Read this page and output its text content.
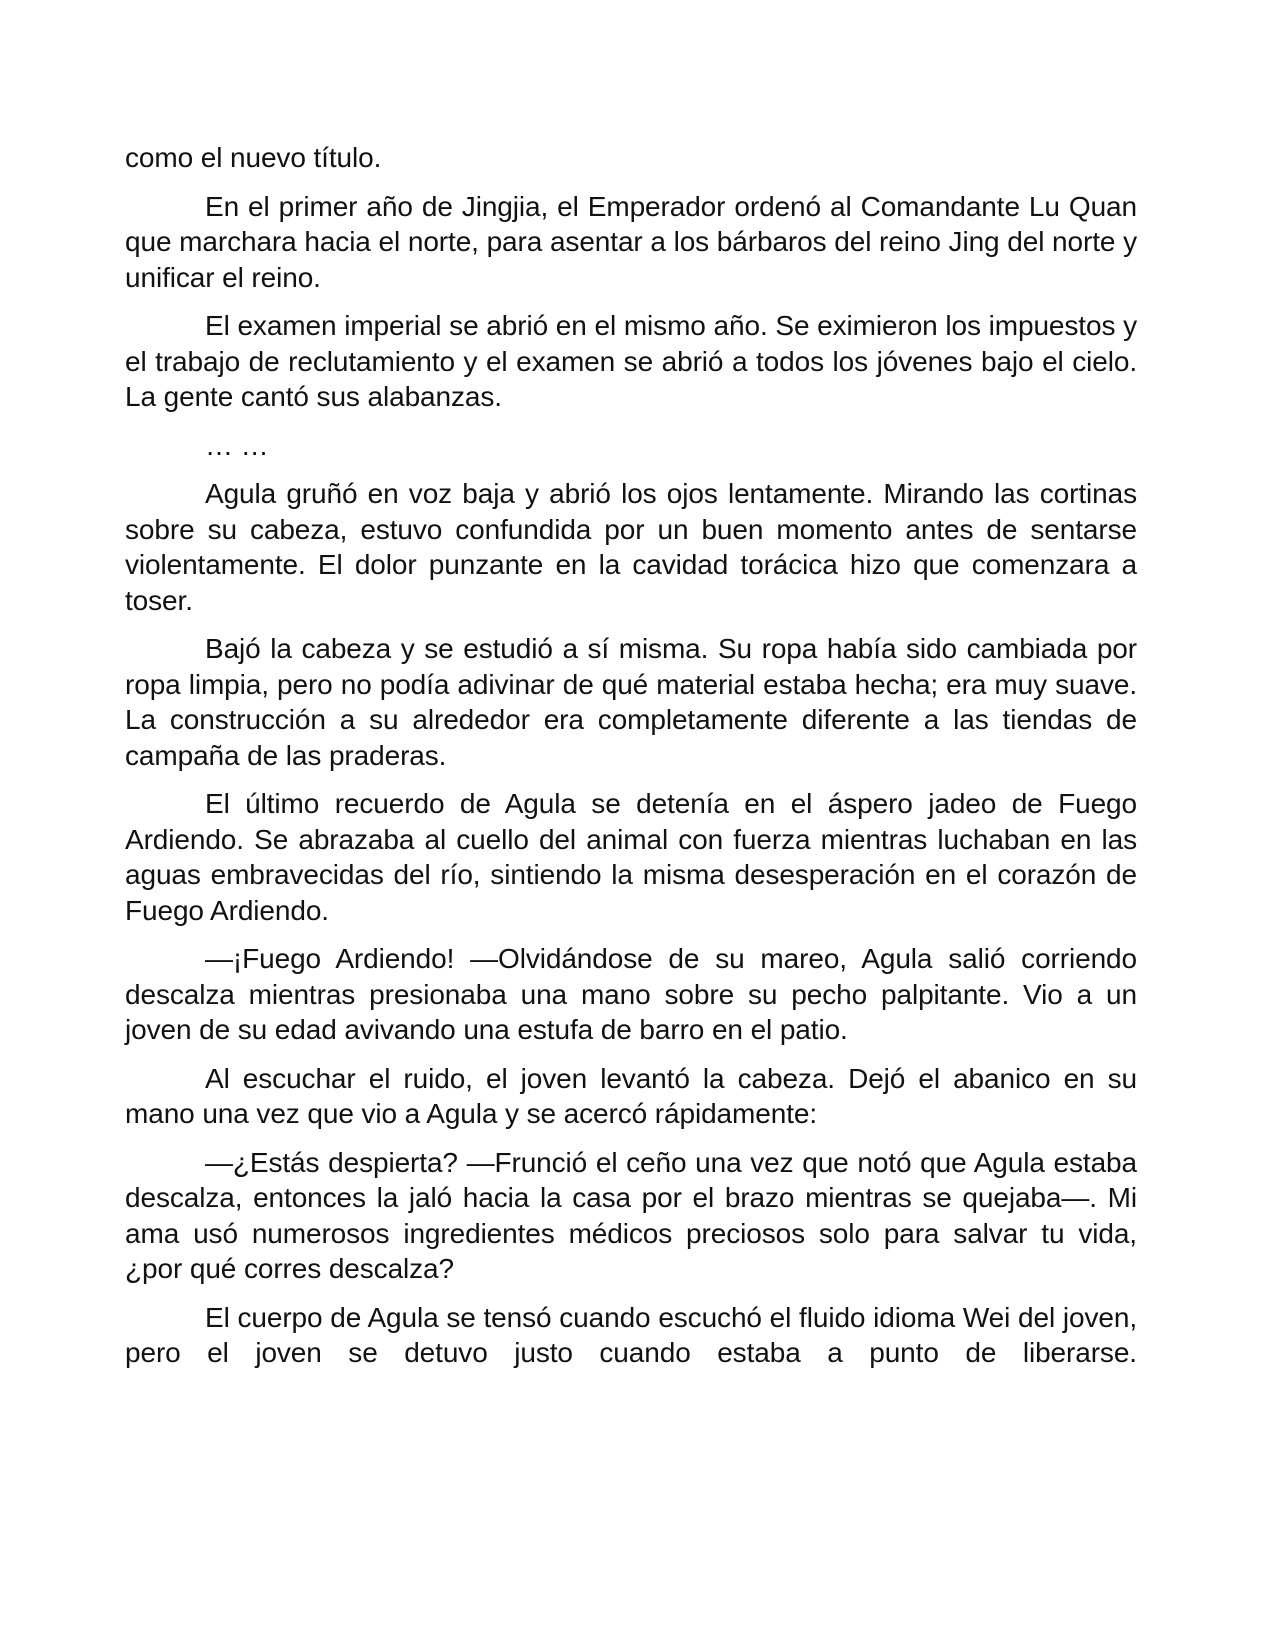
como el nuevo título.

En el primer año de Jingjia, el Emperador ordenó al Comandante Lu Quan que marchara hacia el norte, para asentar a los bárbaros del reino Jing del norte y unificar el reino.

El examen imperial se abrió en el mismo año. Se eximieron los impuestos y el trabajo de reclutamiento y el examen se abrió a todos los jóvenes bajo el cielo. La gente cantó sus alabanzas.

… …

Agula gruñó en voz baja y abrió los ojos lentamente. Mirando las cortinas sobre su cabeza, estuvo confundida por un buen momento antes de sentarse violentamente. El dolor punzante en la cavidad torácica hizo que comenzara a toser.

Bajó la cabeza y se estudió a sí misma. Su ropa había sido cambiada por ropa limpia, pero no podía adivinar de qué material estaba hecha; era muy suave. La construcción a su alrededor era completamente diferente a las tiendas de campaña de las praderas.

El último recuerdo de Agula se detenía en el áspero jadeo de Fuego Ardiendo. Se abrazaba al cuello del animal con fuerza mientras luchaban en las aguas embravecidas del río, sintiendo la misma desesperación en el corazón de Fuego Ardiendo.

—¡Fuego Ardiendo! —Olvidándose de su mareo, Agula salió corriendo descalza mientras presionaba una mano sobre su pecho palpitante. Vio a un joven de su edad avivando una estufa de barro en el patio.

Al escuchar el ruido, el joven levantó la cabeza. Dejó el abanico en su mano una vez que vio a Agula y se acercó rápidamente:

—¿Estás despierta? —Frunció el ceño una vez que notó que Agula estaba descalza, entonces la jaló hacia la casa por el brazo mientras se quejaba—. Mi ama usó numerosos ingredientes médicos preciosos solo para salvar tu vida, ¿por qué corres descalza?

El cuerpo de Agula se tensó cuando escuchó el fluido idioma Wei del joven, pero el joven se detuvo justo cuando estaba a punto de liberarse.
